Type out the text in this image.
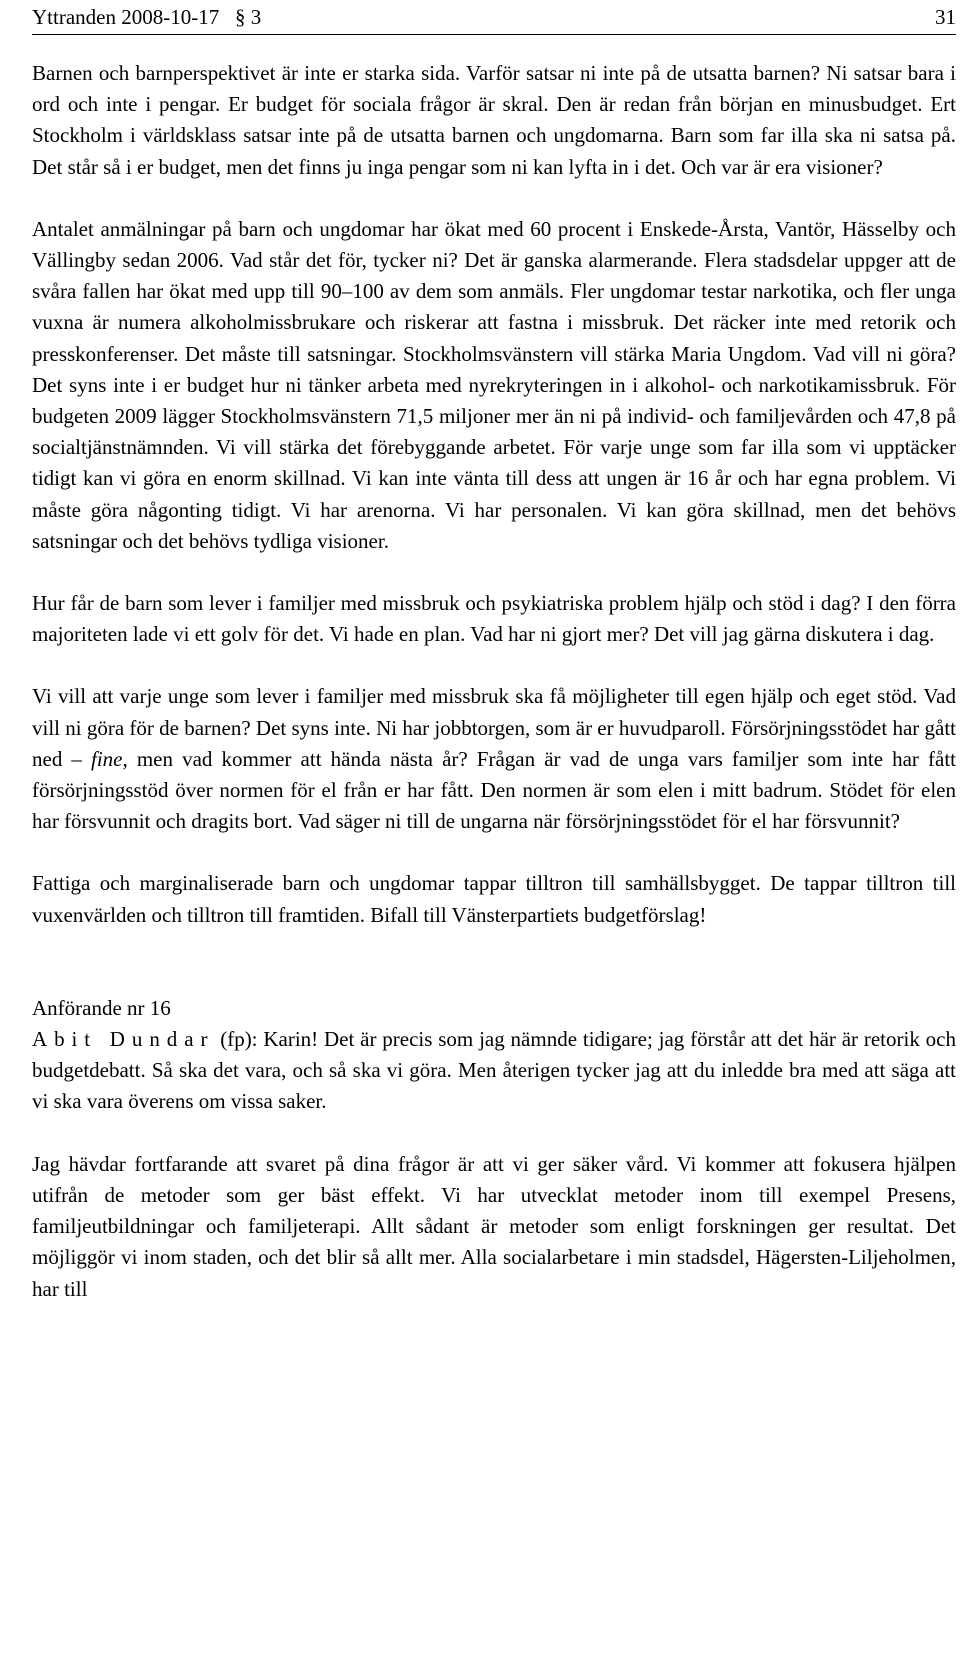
Yttranden 2008-10-17   § 3	31

Barnen och barnperspektivet är inte er starka sida. Varför satsar ni inte på de utsatta barnen? Ni satsar bara i ord och inte i pengar. Er budget för sociala frågor är skral. Den är redan från början en minusbudget. Ert Stockholm i världsklass satsar inte på de utsatta barnen och ungdomarna. Barn som far illa ska ni satsa på. Det står så i er budget, men det finns ju inga pengar som ni kan lyfta in i det. Och var är era visioner?

Antalet anmälningar på barn och ungdomar har ökat med 60 procent i Enskede-Årsta, Vantör, Hässelby och Vällingby sedan 2006. Vad står det för, tycker ni? Det är ganska alarmerande. Flera stadsdelar uppger att de svåra fallen har ökat med upp till 90–100 av dem som anmäls. Fler ungdomar testar narkotika, och fler unga vuxna är numera alkoholmissbrukare och riskerar att fastna i missbruk. Det räcker inte med retorik och presskonferenser. Det måste till satsningar. Stockholmsvänstern vill stärka Maria Ungdom. Vad vill ni göra? Det syns inte i er budget hur ni tänker arbeta med nyrekryteringen in i alkohol- och narkotikamissbruk. För budgeten 2009 lägger Stockholmsvänstern 71,5 miljoner mer än ni på individ- och familjevården och 47,8 på socialtjänstnämnden. Vi vill stärka det förebyggande arbetet. För varje unge som far illa som vi upptäcker tidigt kan vi göra en enorm skillnad. Vi kan inte vänta till dess att ungen är 16 år och har egna problem. Vi måste göra någonting tidigt. Vi har arenorna. Vi har personalen. Vi kan göra skillnad, men det behövs satsningar och det behövs tydliga visioner.

Hur får de barn som lever i familjer med missbruk och psykiatriska problem hjälp och stöd i dag? I den förra majoriteten lade vi ett golv för det. Vi hade en plan. Vad har ni gjort mer? Det vill jag gärna diskutera i dag.

Vi vill att varje unge som lever i familjer med missbruk ska få möjligheter till egen hjälp och eget stöd. Vad vill ni göra för de barnen? Det syns inte. Ni har jobbtorgen, som är er huvudparoll. Försörjningsstödet har gått ned – fine, men vad kommer att hända nästa år? Frågan är vad de unga vars familjer som inte har fått försörjningsstöd över normen för el från er har fått. Den normen är som elen i mitt badrum. Stödet för elen har försvunnit och dragits bort. Vad säger ni till de ungarna när försörjningsstödet för el har försvunnit?

Fattiga och marginaliserade barn och ungdomar tappar tilltron till samhällsbygget. De tappar tilltron till vuxenvärlden och tilltron till framtiden. Bifall till Vänsterpartiets budgetförslag!

Anförande nr 16
Abit Dundar (fp): Karin! Det är precis som jag nämnde tidigare; jag förstår att det här är retorik och budgetdebatt. Så ska det vara, och så ska vi göra. Men återigen tycker jag att du inledde bra med att säga att vi ska vara överens om vissa saker.

Jag hävdar fortfarande att svaret på dina frågor är att vi ger säker vård. Vi kommer att fokusera hjälpen utifrån de metoder som ger bäst effekt. Vi har utvecklat metoder inom till exempel Presens, familjeutbildningar och familjeterapi. Allt sådant är metoder som enligt forskningen ger resultat. Det möjliggör vi inom staden, och det blir så allt mer. Alla socialarbetare i min stadsdel, Hägersten-Liljeholmen, har till
